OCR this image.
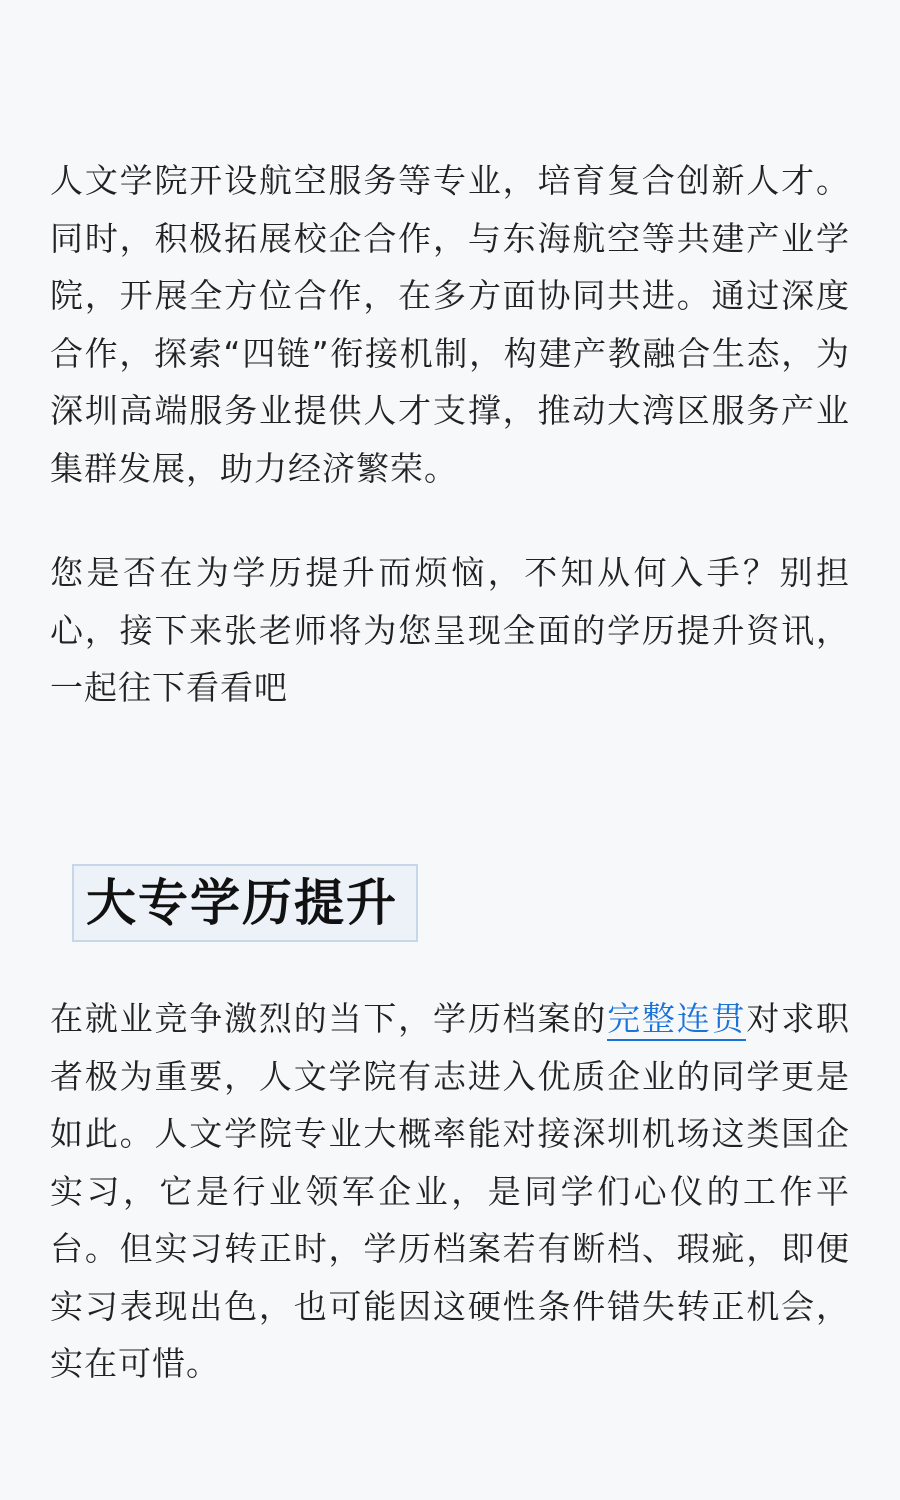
人文学院开设航空服务等专业，培育复合创新人才。同时，积极拓展校企合作，与东海航空等共建产业学院，开展全方位合作，在多方面协同共进。通过深度合作，探索“四链”衔接机制，构建产教融合生态，为深圳高端服务业提供人才支撑，推动大湾区服务产业集群发展，助力经济繁荣。

您是否在为学历提升而烦恼，不知从何入手？别担心，接下来张老师将为您呈现全面的学历提升资讯，一起往下看看吧

大专学历提升

在就业竞争激烈的当下，学历档案的完整连贯对求职者极为重要，人文学院有志进入优质企业的同学更是如此。人文学院专业大概率能对接深圳机场这类国企实习，它是行业领军企业，是同学们心仪的工作平台。但实习转正时，学历档案若有断档、瑕疵，即便实习表现出色，也可能因这硬性条件错失转正机会，实在可惜。
